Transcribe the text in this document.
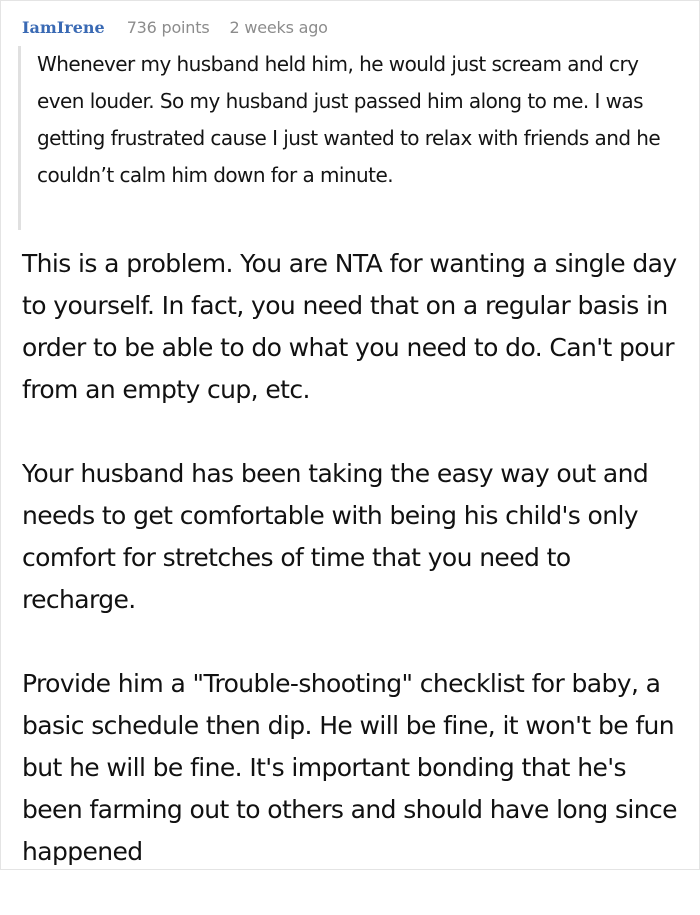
IamIrene 736 points 2 weeks ago

Whenever my husband held him, he would just scream and cry even louder. So my husband just passed him along to me. I was getting frustrated cause I just wanted to relax with friends and he couldn’t calm him down for a minute.

This is a problem. You are NTA for wanting a single day to yourself. In fact, you need that on a regular basis in order to be able to do what you need to do. Can't pour from an empty cup, etc.

Your husband has been taking the easy way out and needs to get comfortable with being his child's only comfort for stretches of time that you need to recharge.

Provide him a "Trouble-shooting" checklist for baby, a basic schedule then dip. He will be fine, it won't be fun but he will be fine. It's important bonding that he's been farming out to others and should have long since happened
